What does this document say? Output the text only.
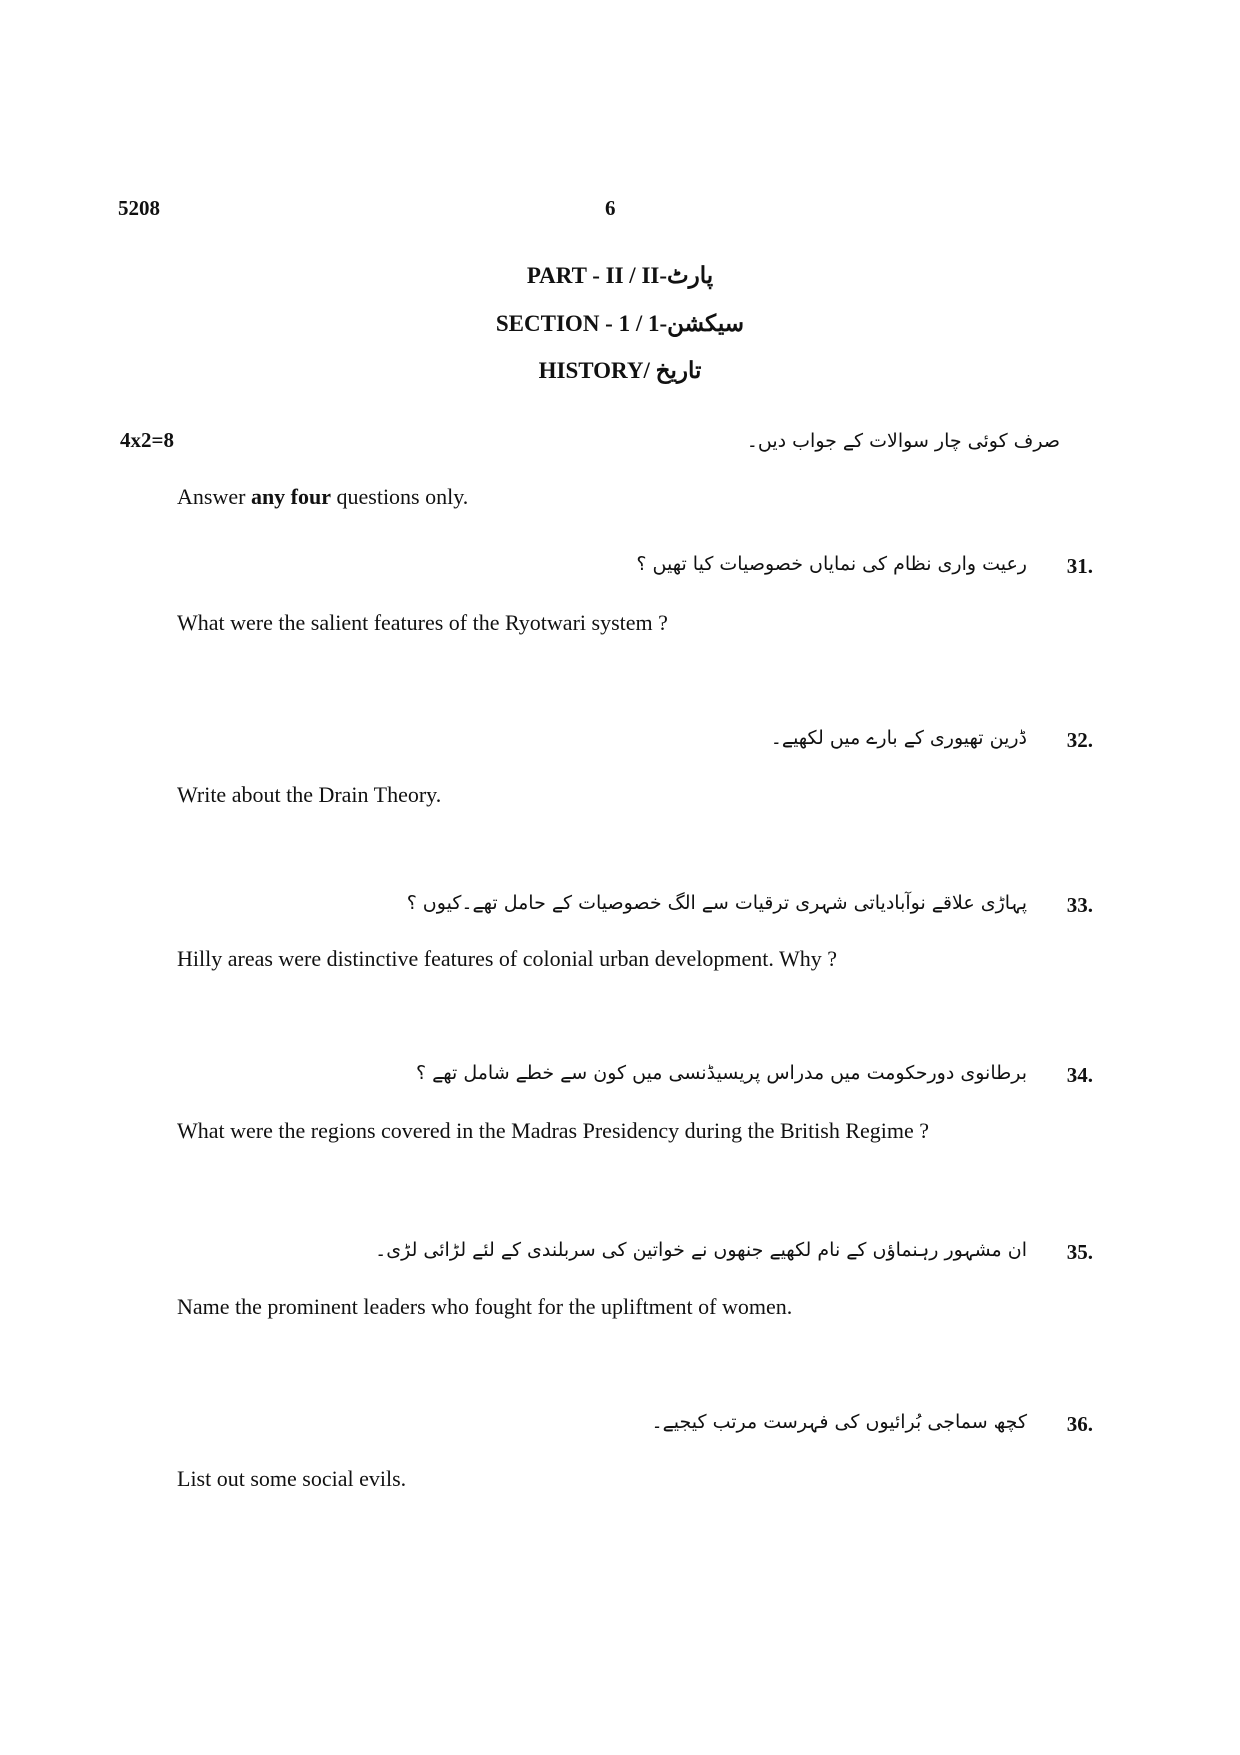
5208	6
PART - II / II-پارٹ
SECTION - 1 / 1-سیکشن
HISTORY/ تاریخ
4x2=8	صرف کوئی چار سوالات کے جواب دیں۔
Answer any four questions only.
31.
رعیت واری نظام کی نمایاں خصوصیات کیا تھیں ؟
What were the salient features of the Ryotwari system ?
32.
ڈرین تھیوری کے بارے میں لکھیے۔
Write about the Drain Theory.
33.
پہاڑی علاقے نوآبادیاتی شہری ترقیات سے الگ خصوصیات کے حامل تھے۔کیوں ؟
Hilly areas were distinctive features of colonial urban development. Why ?
34.
برطانوی دورحکومت میں مدراس پریسیڈنسی میں کون سے خطے شامل تھے ؟
What were the regions covered in the Madras Presidency during the British Regime ?
35.
ان مشہور رہنماؤں کے نام لکھیے جنھوں نے خواتین کی سربلندی کے لئے لڑائی لڑی۔
Name the prominent leaders who fought for the upliftment of women.
36.
کچھ سماجی بُرائیوں کی فہرست مرتب کیجیے۔
List out some social evils.
